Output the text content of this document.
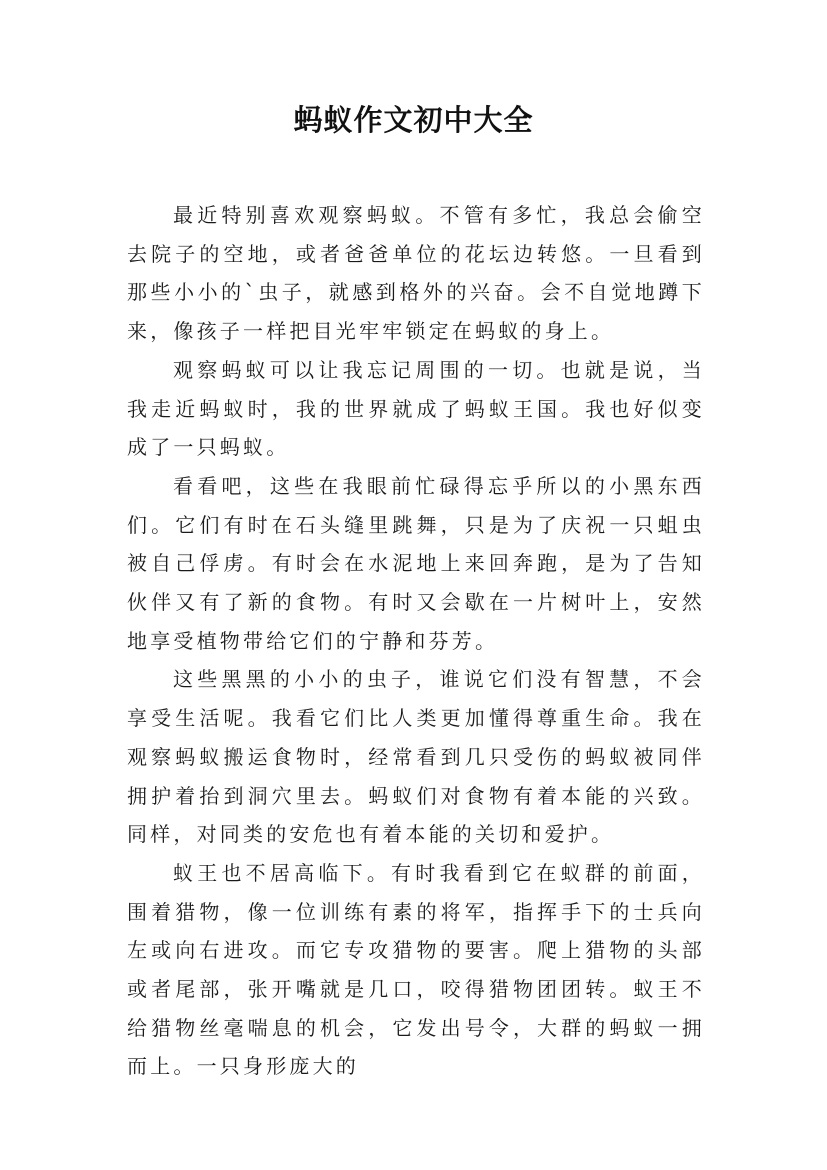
蚂蚁作文初中大全

最近特别喜欢观察蚂蚁。不管有多忙，我总会偷空去院子的空地，或者爸爸单位的花坛边转悠。一旦看到那些小小的`虫子，就感到格外的兴奋。会不自觉地蹲下来，像孩子一样把目光牢牢锁定在蚂蚁的身上。

观察蚂蚁可以让我忘记周围的一切。也就是说，当我走近蚂蚁时，我的世界就成了蚂蚁王国。我也好似变成了一只蚂蚁。

看看吧，这些在我眼前忙碌得忘乎所以的小黑东西们。它们有时在石头缝里跳舞，只是为了庆祝一只蛆虫被自己俘虏。有时会在水泥地上来回奔跑，是为了告知伙伴又有了新的食物。有时又会歇在一片树叶上，安然地享受植物带给它们的宁静和芬芳。

这些黑黑的小小的虫子，谁说它们没有智慧，不会享受生活呢。我看它们比人类更加懂得尊重生命。我在观察蚂蚁搬运食物时，经常看到几只受伤的蚂蚁被同伴拥护着抬到洞穴里去。蚂蚁们对食物有着本能的兴致。同样，对同类的安危也有着本能的关切和爱护。

蚁王也不居高临下。有时我看到它在蚁群的前面，围着猎物，像一位训练有素的将军，指挥手下的士兵向左或向右进攻。而它专攻猎物的要害。爬上猎物的头部或者尾部，张开嘴就是几口，咬得猎物团团转。蚁王不给猎物丝毫喘息的机会，它发出号令，大群的蚂蚁一拥而上。一只身形庞大的
